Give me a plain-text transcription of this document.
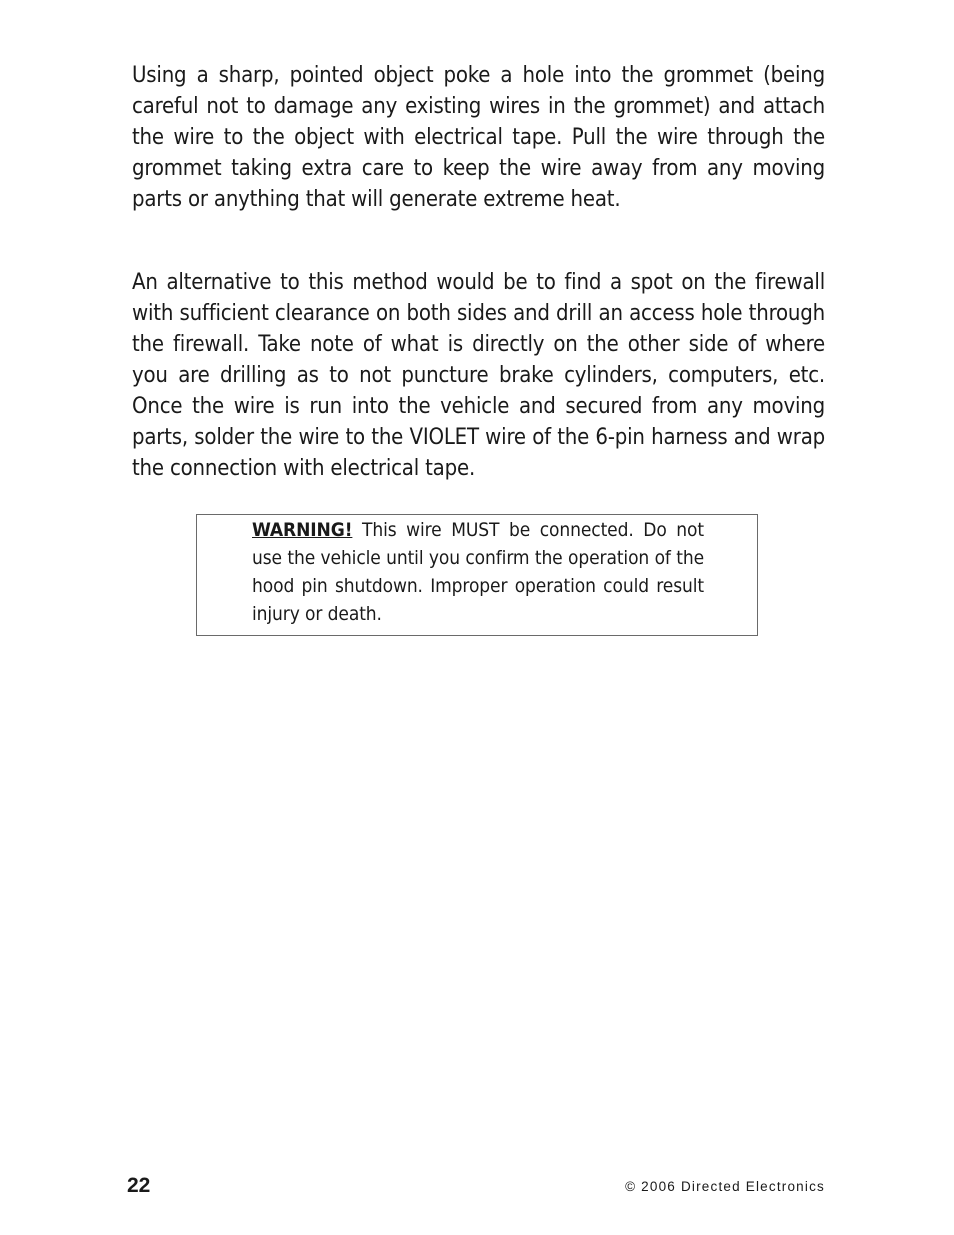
Using a sharp, pointed object poke a hole into the grommet (being careful not to damage any existing wires in the grommet) and attach the wire to the object with electrical tape. Pull the wire through the grommet taking extra care to keep the wire away from any moving parts or anything that will generate extreme heat.

An alternative to this method would be to find a spot on the firewall with sufficient clearance on both sides and drill an access hole through the firewall. Take note of what is directly on the other side of where you are drilling as to not puncture brake cylinders, computers, etc. Once the wire is run into the vehicle and secured from any moving parts, solder the wire to the VIOLET wire of the 6-pin harness and wrap the connection with electrical tape.

WARNING! This wire MUST be connected. Do not use the vehicle until you confirm the operation of the hood pin shutdown. Improper operation could result injury or death.

22	© 2006 Directed Electronics
